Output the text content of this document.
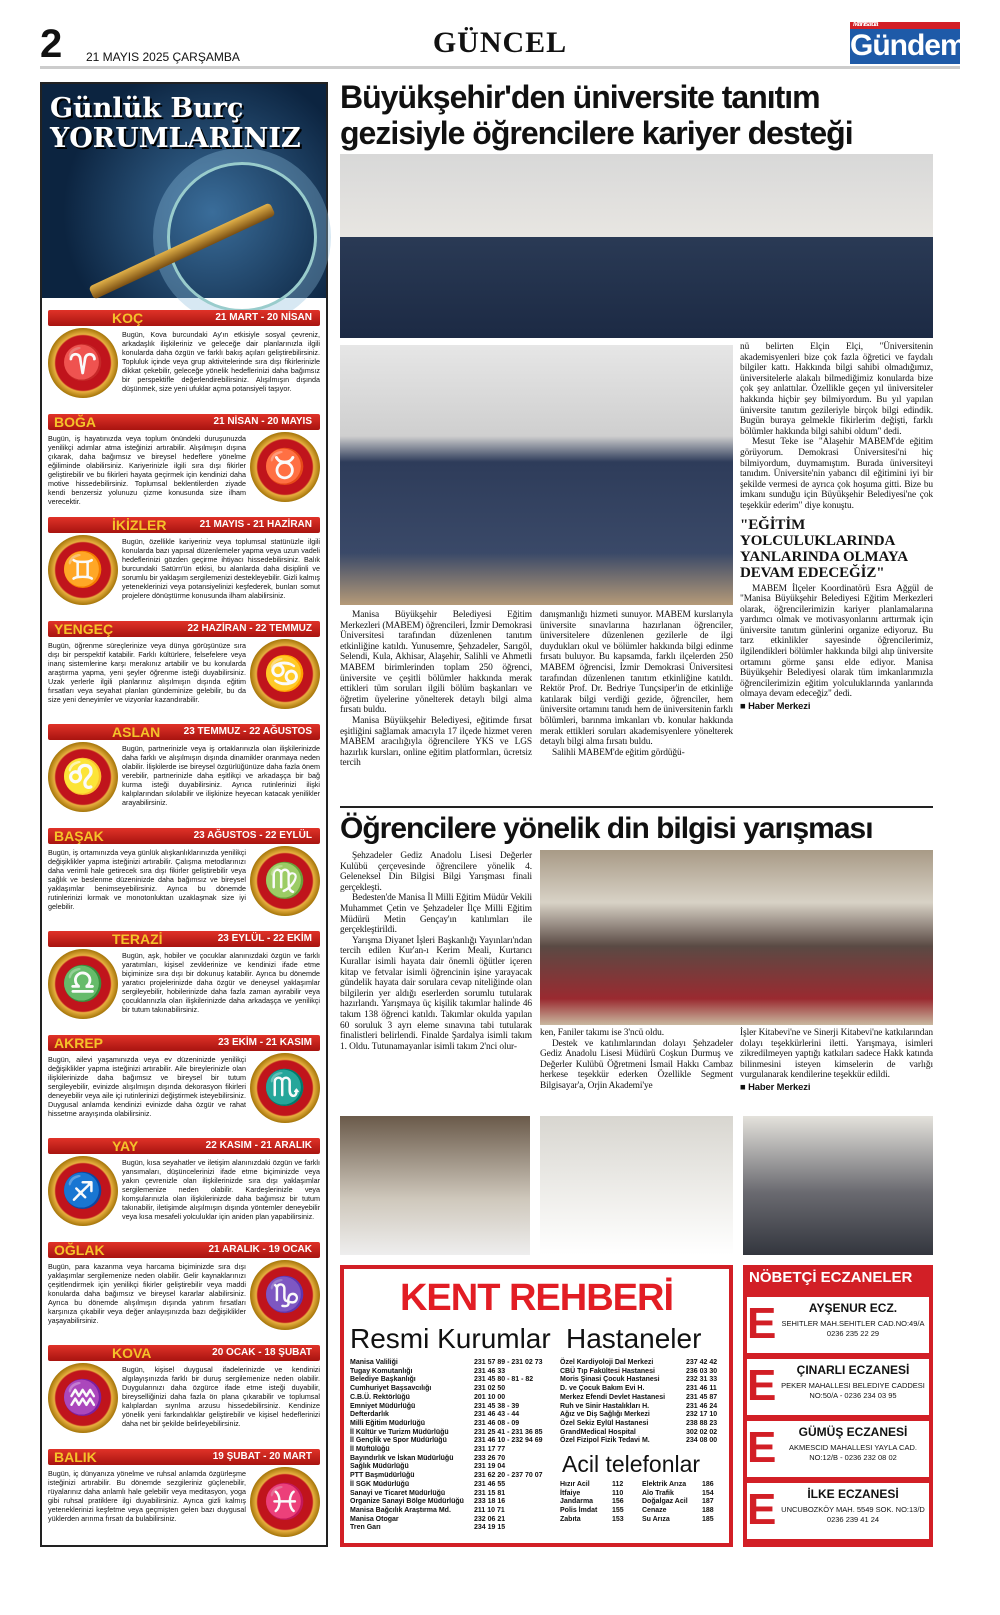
2 21 MAYIS 2025 ÇARŞAMBA	GÜNCEL
Manisa'da
Gündem
Günlük Burç
YORUMLARINIZ
KOÇ	21 MART - 20 NİSAN
♈
Bugün, Kova burcundaki Ay'ın etkisiyle sosyal çevreniz, arkadaşlık ilişkileriniz ve geleceğe dair planlarınızla ilgili konularda daha özgün ve farklı bakış açıları geliştirebilirsiniz. Topluluk içinde veya grup aktivitelerinde sıra dışı fikirlerinizle dikkat çekebilir, geleceğe yönelik hedeflerinizi daha bağımsız bir perspektifle değerlendirebilirsiniz. Alışılmışın dışında düşünmek, size yeni ufuklar açma potansiyeli taşıyor.
BOĞA	21 NİSAN - 20 MAYIS
♉
Bugün, iş hayatınızda veya toplum önündeki duruşunuzda yenilikçi adımlar atma isteğinizi artırabilir. Alışılmışın dışına çıkarak, daha bağımsız ve bireysel hedeflere yönelme eğiliminde olabilirsiniz. Kariyerinizle ilgili sıra dışı fikirler geliştirebilir ve bu fikirleri hayata geçirmek için kendinizi daha motive hissedebilirsiniz. Toplumsal beklentilerden ziyade kendi benzersiz yolunuzu çizme konusunda size ilham verecektir.
İKİZLER	21 MAYIS - 21 HAZİRAN
♊
Bugün, özellikle kariyeriniz veya toplumsal statünüzle ilgili konularda bazı yapısal düzenlemeler yapma veya uzun vadeli hedeflerinizi gözden geçirme ihtiyacı hissedebilirsiniz. Balık burcundaki Satürn'ün etkisi, bu alanlarda daha disiplinli ve sorumlu bir yaklaşım sergilemenizi destekleyebilir. Gizli kalmış yeteneklerinizi veya potansiyelinizi keşfederek, bunları somut projelere dönüştürme konusunda ilham alabilirsiniz.
YENGEÇ	22 HAZİRAN - 22 TEMMUZ
♋
Bugün, öğrenme süreçlerinize veya dünya görüşünüze sıra dışı bir perspektif katabilir. Farklı kültürlere, felsefelere veya inanç sistemlerine karşı merakınız artabilir ve bu konularda araştırma yapma, yeni şeyler öğrenme isteği duyabilirsiniz. Uzak yerlerle ilgili planlarınız alışılmışın dışında eğitim fırsatları veya seyahat planları gündeminize gelebilir, bu da size yeni deneyimler ve vizyonlar kazandırabilir.
ASLAN 23 TEMMUZ - 22 AĞUSTOS
♌
Bugün, partnerinizle veya iş ortaklarınızla olan ilişkilerinizde daha farklı ve alışılmışın dışında dinamikler oranmaya neden olabilir. İlişkilerde ise bireysel özgürlüğünüze daha fazla önem verebilir, partnerinizle daha eşitlikçi ve arkadaşça bir bağ kurma isteği duyabilirsiniz. Ayrıca rutinlerinizi ilişki kalıplarından sıkılabilir ve ilişkinize heyecan katacak yenilikler arayabilirsiniz.
BAŞAK	23 AĞUSTOS - 22 EYLÜL
♍
Bugün, iş ortamınızda veya günlük alışkanlıklarınızda yenilikçi değişiklikler yapma isteğinizi artırabilir. Çalışma metodlarınızı daha verimli hale getirecek sıra dışı fikirler geliştirebilir veya sağlık ve beslenme düzeninizde daha bağımsız ve bireysel yaklaşımlar benimseyebilirsiniz. Ayrıca bu dönemde rutinlerinizi kırmak ve monotonluktan uzaklaşmak size iyi gelebilir.
TERAZİ	23 EYLÜL - 22 EKİM
♎
Bugün, aşk, hobiler ve çocuklar alanınızdaki özgün ve farklı yaratımları, kişisel zevklerinize ve kendinizi ifade etme biçiminize sıra dışı bir dokunuş katabilir. Ayrıca bu dönemde yaratıcı projelerinizde daha özgür ve deneysel yaklaşımlar sergileyebilir, hobilerinizde daha fazla zaman ayırabilir veya çocuklarınızla olan ilişkilerinizde daha arkadaşça ve yenilikçi bir tutum takınabilirsiniz.
AKREP	23 EKİM - 21 KASIM
♏
Bugün, ailevi yaşamınızda veya ev düzeninizde yenilikçi değişiklikler yapma isteğinizi artırabilir. Aile bireylerinizle olan ilişkilerinizde daha bağımsız ve bireysel bir tutum sergileyebilir, evinizde alışılmışın dışında dekorasyon fikirleri deneyebilir veya aile içi rutinlerinizi değiştirmek isteyebilirsiniz. Duygusal anlamda kendinizi evinizde daha özgür ve rahat hissetme arayışında olabilirsiniz.
YAY	22 KASIM - 21 ARALIK
♐
Bugün, kısa seyahatler ve iletişim alanınızdaki özgün ve farklı yansımaları, düşüncelerinizi ifade etme biçiminizde veya yakın çevrenizle olan ilişkilerinizde sıra dışı yaklaşımlar sergilemenize neden olabilir. Kardeşlerinizle veya komşularınızla olan ilişkilerinizde daha bağımsız bir tutum takınabilir, iletişimde alışılmışın dışında yöntemler deneyebilir veya kısa mesafeli yolculuklar için aniden plan yapabilirsiniz.
OĞLAK	21 ARALIK - 19 OCAK
♑
Bugün, para kazanma veya harcama biçiminizde sıra dışı yaklaşımlar sergilemenize neden olabilir. Gelir kaynaklarınızı çeşitlendirmek için yenilikçi fikirler geliştirebilir veya maddi konularda daha bağımsız ve bireysel kararlar alabilirsiniz. Ayrıca bu dönemde alışılmışın dışında yatırım fırsatları karşınıza çıkabilir veya değer anlayışınızda bazı değişiklikler yaşayabilirsiniz.
KOVA	20 OCAK - 18 ŞUBAT
♒
Bugün, kişisel duygusal ifadelerinizde ve kendinizi algılayışınızda farklı bir duruş sergilemenize neden olabilir. Duygularınızı daha özgürce ifade etme isteği duyabilir, bireyselliğinizi daha fazla ön plana çıkarabilir ve toplumsal kalıplardan sıyrılma arzusu hissedebilirsiniz. Kendinize yönelik yeni farkındalıklar geliştirebilir ve kişisel hedeflerinizi daha net bir şekilde belirleyebilirsiniz.
BALIK	19 ŞUBAT - 20 MART
♓
Bugün, iç dünyanıza yönelme ve ruhsal anlamda özgürleşme isteğinizi artırabilir. Bu dönemde sezgileriniz güçlenebilir, rüyalarınız daha anlamlı hale gelebilir veya meditasyon, yoga gibi ruhsal pratiklere ilgi duyabilirsiniz. Ayrıca gizli kalmış yeteneklerinizi keşfetme veya geçmişten gelen bazı duygusal yüklerden arınma fırsatı da bulabilirsiniz.
Büyükşehir'den üniversite tanıtım
gezisiyle öğrencilere kariyer desteği

Manisa Büyükşehir Belediyesi Eğitim Merkezleri (MABEM) öğrencileri, İzmir Demokrasi Üniversitesi tarafından düzenlenen tanıtım etkinliğine katıldı. Yunusemre, Şehzadeler, Sarıgöl, Selendi, Kula, Akhisar, Alaşehir, Salihli ve Ahmetli MABEM birimlerinden toplam 250 öğrenci, üniversite ve çeşitli bölümler hakkında merak ettikleri tüm soruları ilgili bölüm başkanları ve öğretim üyelerine yönelterek detaylı bilgi alma fırsatı buldu.

Manisa Büyükşehir Belediyesi, eğitimde fırsat eşitliğini sağlamak amacıyla 17 ilçede hizmet veren MABEM aracılığıyla öğrencilere YKS ve LGS hazırlık kursları, online eğitim platformları, ücretsiz tercih

danışmanlığı hizmeti sunuyor. MABEM kurslarıyla üniversite sınavlarına hazırlanan öğrenciler, üniversitelere düzenlenen gezilerle de ilgi duydukları okul ve bölümler hakkında bilgi edinme fırsatı buluyor. Bu kapsamda, farklı ilçelerden 250 MABEM öğrencisi, İzmir Demokrasi Üniversitesi tarafından düzenlenen tanıtım etkinliğine katıldı. Rektör Prof. Dr. Bedriye Tunçsiper'in de etkinliğe katılarak bilgi verdiği gezide, öğrenciler, hem üniversite ortamını tanıdı hem de üniversitenin farklı bölümleri, barınma imkanları vb. konular hakkında merak ettikleri soruları akademisyenlere yönelterek detaylı bilgi alma fırsatı buldu.

Salihli MABEM'de eğitim gördüğü-

nü belirten Elçin Elçi, "Üniversitenin akademisyenleri bize çok fazla öğretici ve faydalı bilgiler kattı. Hakkında bilgi sahibi olmadığımız, üniversitelerle alakalı bilmediğimiz konularda bize çok şey anlattılar. Özellikle geçen yıl üniversiteler hakkında hiçbir şey bilmiyordum. Bu yıl yapılan üniversite tanıtım gezileriyle birçok bilgi edindik. Bugün buraya gelmekle fikirlerim değişti, farklı bölümler hakkında bilgi sahibi oldum" dedi.

Mesut Teke ise "Alaşehir MABEM'de eğitim görüyorum. Demokrasi Üniversitesi'ni hiç bilmiyordum, duymamıştım. Burada üniversiteyi tanıdım. Üniversite'nin yabancı dil eğitimini iyi bir şekilde vermesi de ayrıca çok hoşuma gitti. Bize bu imkanı sunduğu için Büyükşehir Belediyesi'ne çok teşekkür ederim" diye konuştu.

"EĞİTİM YOLCULUKLARINDA YANLARINDA OLMAYA DEVAM EDECEĞİZ"

MABEM İlçeler Koordinatörü Esra Ağgül de "Manisa Büyükşehir Belediyesi Eğitim Merkezleri olarak, öğrencilerimizin kariyer planlamalarına yardımcı olmak ve motivasyonlarını arttırmak için üniversite tanıtım günlerini organize ediyoruz. Bu tarz etkinlikler sayesinde öğrencilerimiz, ilgilendikleri bölümler hakkında bilgi alıp üniversite ortamını görme şansı elde ediyor. Manisa Büyükşehir Belediyesi olarak tüm imkanlarımızla öğrencilerimizin eğitim yolculuklarında yanlarında olmaya devam edeceğiz" dedi.

■ Haber Merkezi
Öğrencilere yönelik din bilgisi yarışması

Şehzadeler Gediz Anadolu Lisesi Değerler Kulübü çerçevesinde öğrencilere yönelik 4. Geleneksel Din Bilgisi Bilgi Yarışması finali gerçekleşti.

Bedesten'de Manisa İl Milli Eğitim Müdür Vekili Muhammet Çetin ve Şehzadeler İlçe Milli Eğitim Müdürü Metin Gençay'ın katılımları ile gerçekleştirildi.

Yarışma Diyanet İşleri Başkanlığı Yayınları'ndan tercih edilen Kur'an-ı Kerim Meali, Kurtarıcı Kurallar isimli hayata dair önemli öğütler içeren kitap ve fetvalar isimli öğrencinin işine yarayacak gündelik hayata dair sorulara cevap niteliğinde olan bilgilerin yer aldığı eserlerden sorumlu tutularak hazırlandı. Yarışmaya üç kişilik takımlar halinde 46 takım 138 öğrenci katıldı. Takımlar okulda yapılan 60 soruluk 3 ayrı eleme sınavına tabi tutularak finalistleri belirlendi. Finalde Şardalya isimli takım 1. Oldu. Tutunamayanlar isimli takım 2'nci olur-

ken, Faniler takımı ise 3'ncü oldu.

Destek ve katılımlarından dolayı Şehzadeler Gediz Anadolu Lisesi Müdürü Coşkun Durmuş ve Değerler Kulübü Öğretmeni İsmail Hakkı Cambaz herkese teşekkür ederken Özellikle Segment Bilgisayar'a, Orjin Akademi'ye

İşler Kitabevi'ne ve Sinerji Kitabevi'ne katkılarından dolayı teşekkürlerini iletti. Yarışmaya, isimleri zikredilmeyen yaptığı katkıları sadece Hakk katında bilinmesini isteyen kimselerin de varlığı vurgulanarak kendilerine teşekkür edildi.

■ Haber Merkezi
KENT REHBERİ
Resmi Kurumlar Hastaneler
Acil telefonlar
Manisa Valiliği	231 57 89 - 231 02 73
Tugay Komutanlığı	231 46 33
Belediye Başkanlığı	231 45 80 - 81 - 82
Cumhuriyet Başsavcılığı	231 02 50
C.B.Ü. Rektörlüğü	201 10 00
Emniyet Müdürlüğü	231 45 38 - 39
Defterdarlık	231 46 43 - 44
Milli Eğitim Müdürlüğü	231 46 08 - 09
İl Kültür ve Turizm Müdürlüğü	231 25 41 - 231 36 85
İl Gençlik ve Spor Müdürlüğü	231 46 10 - 232 94 69
İl Müftülüğü	231 17 77
Bayındırlık ve İskan Müdürlüğü	233 26 70
Sağlık Müdürlüğü	231 19 04
PTT Başmüdürlüğü	231 62 20 - 237 70 07
İl SGK Müdürlüğü	231 46 55
Sanayi ve Ticaret Müdürlüğü	231 15 81
Organize Sanayi Bölge Müdürlüğü	233 18 16
Manisa Bağcılık Araştırma Md.	211 10 71
Manisa Otogar	232 06 21
Tren Garı	234 19 15
Özel Kardiyoloji Dal Merkezi	237 42 42
CBÜ Tıp Fakültesi Hastanesi	236 03 30
Moris Şinasi Çocuk Hastanesi	232 31 33
D. ve Çocuk Bakım Evi H.	231 46 11
Merkez Efendi Devlet Hastanesi	231 45 87
Ruh ve Sinir Hastalıkları H.	231 46 24
Ağız ve Diş Sağlığı Merkezi	232 17 10
Özel Sekiz Eylül Hastanesi	238 88 23
GrandMedical Hospital	302 02 02
Özel Fizipol Fizik Tedavi M.	234 08 00
Hızır Acil	112	Elektrik Arıza	186
İtfaiye	110	Alo Trafik	154
Jandarma	156	Doğalgaz Acil	187
Polis İmdat	155	Cenaze	188
Zabıta	153	Su Arıza	185
NÖBETÇİ ECZANELER
E	AYŞENUR ECZ.
SEHITLER MAH.SEHITLER CAD.NO:49/A
0236 235 22 29
E	ÇINARLI ECZANESİ
PEKER MAHALLESI BELEDIYE CADDESI
NO:50/A - 0236 234 03 95
E	GÜMÜŞ ECZANESİ
AKMESCID MAHALLESI YAYLA CAD.
NO:12/B - 0236 232 08 02
E	İLKE ECZANESİ
UNCUBOZKÖY MAH. 5549 SOK. NO:13/D
0236 239 41 24
